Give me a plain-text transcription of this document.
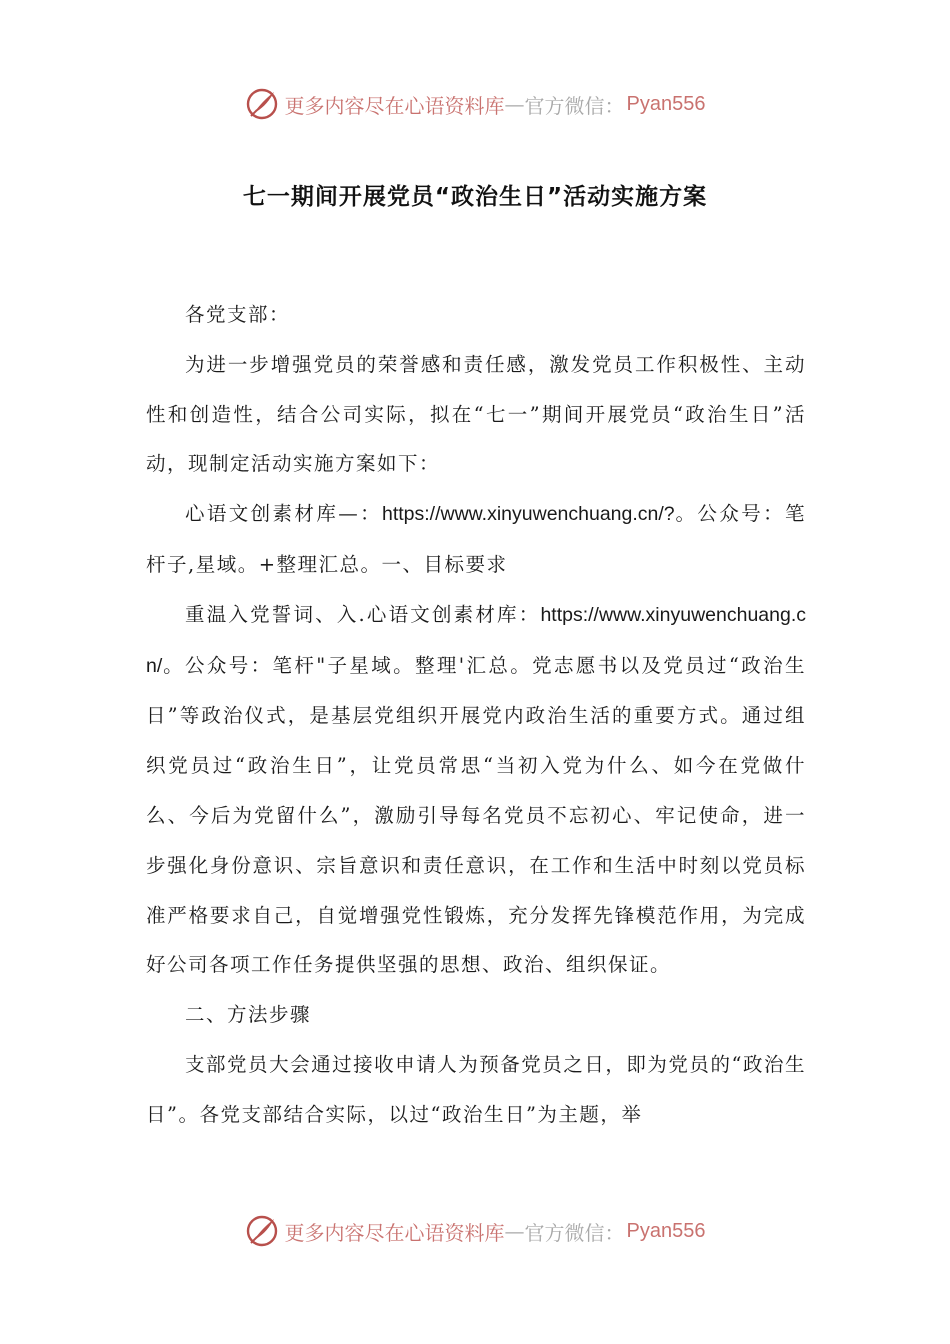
更多内容尽在心语资料库 — 官方微信： Pyan556
七一期间开展党员“政治生日”活动实施方案

各党支部：

为进一步增强党员的荣誉感和责任感，激发党员工作积极性、主动性和创造性，结合公司实际，拟在“七一”期间开展党员“政治生日”活动，现制定活动实施方案如下：

心语文创素材库—：https://www.xinyuwenchuang.cn/?。公众号：笔杆子,星域。+整理汇总。一、目标要求

重温入党誓词、入.心语文创素材库：https://www.xinyuwenchuang.cn/。公众号：笔杆"子星域。整理'汇总。党志愿书以及党员过“政治生日”等政治仪式，是基层党组织开展党内政治生活的重要方式。通过组织党员过“政治生日”，让党员常思“当初入党为什么、如今在党做什么、今后为党留什么”，激励引导每名党员不忘初心、牢记使命，进一步强化身份意识、宗旨意识和责任意识，在工作和生活中时刻以党员标准严格要求自己，自觉增强党性锻炼，充分发挥先锋模范作用，为完成好公司各项工作任务提供坚强的思想、政治、组织保证。

二、方法步骤

支部党员大会通过接收申请人为预备党员之日，即为党员的“政治生日”。各党支部结合实际，以过“政治生日”为主题，举

更多内容尽在心语资料库 — 官方微信： Pyan556
